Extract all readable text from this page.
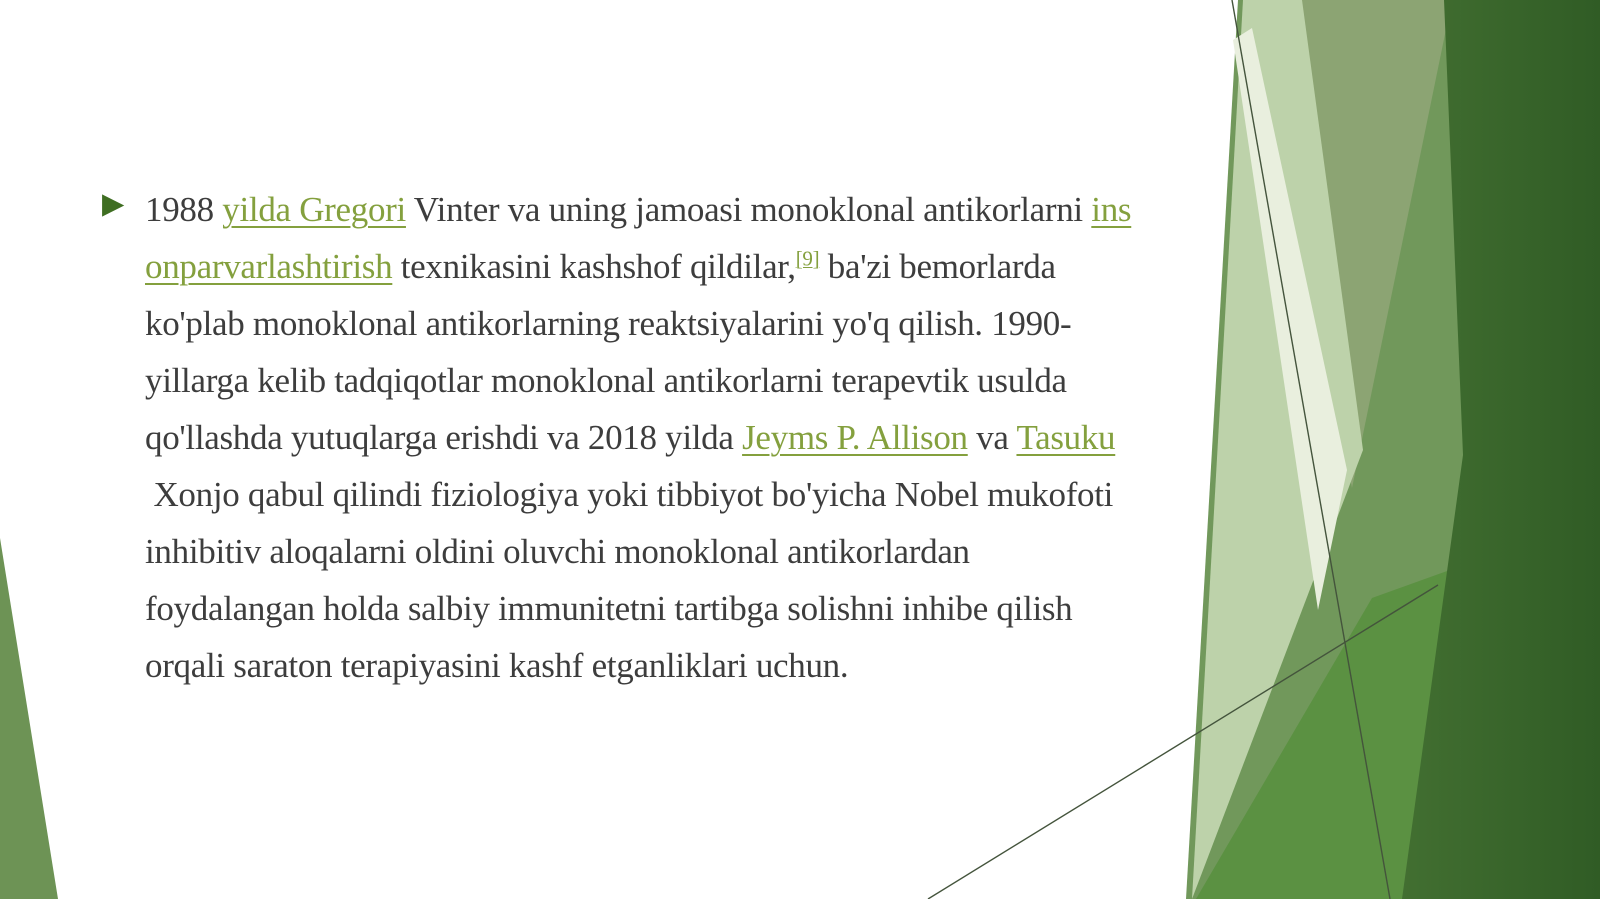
▶ 1988 yilda Gregori Vinter va uning jamoasi monoklonal antikorlarni ins
onparvarlashtirish texnikasini kashshof qildilar,[9] ba'zi bemorlarda
ko'plab monoklonal antikorlarning reaktsiyalarini yo'q qilish. 1990-
yillarga kelib tadqiqotlar monoklonal antikorlarni terapevtik usulda
qo'llashda yutuqlarga erishdi va 2018 yilda Jeyms P. Allison va Tasuku
Xonjo qabul qilindi fiziologiya yoki tibbiyot bo'yicha Nobel mukofoti
inhibitiv aloqalarni oldini oluvchi monoklonal antikorlardan
foydalangan holda salbiy immunitetni tartibga solishni inhibe qilish
orqali saraton terapiyasini kashf etganliklari uchun.
